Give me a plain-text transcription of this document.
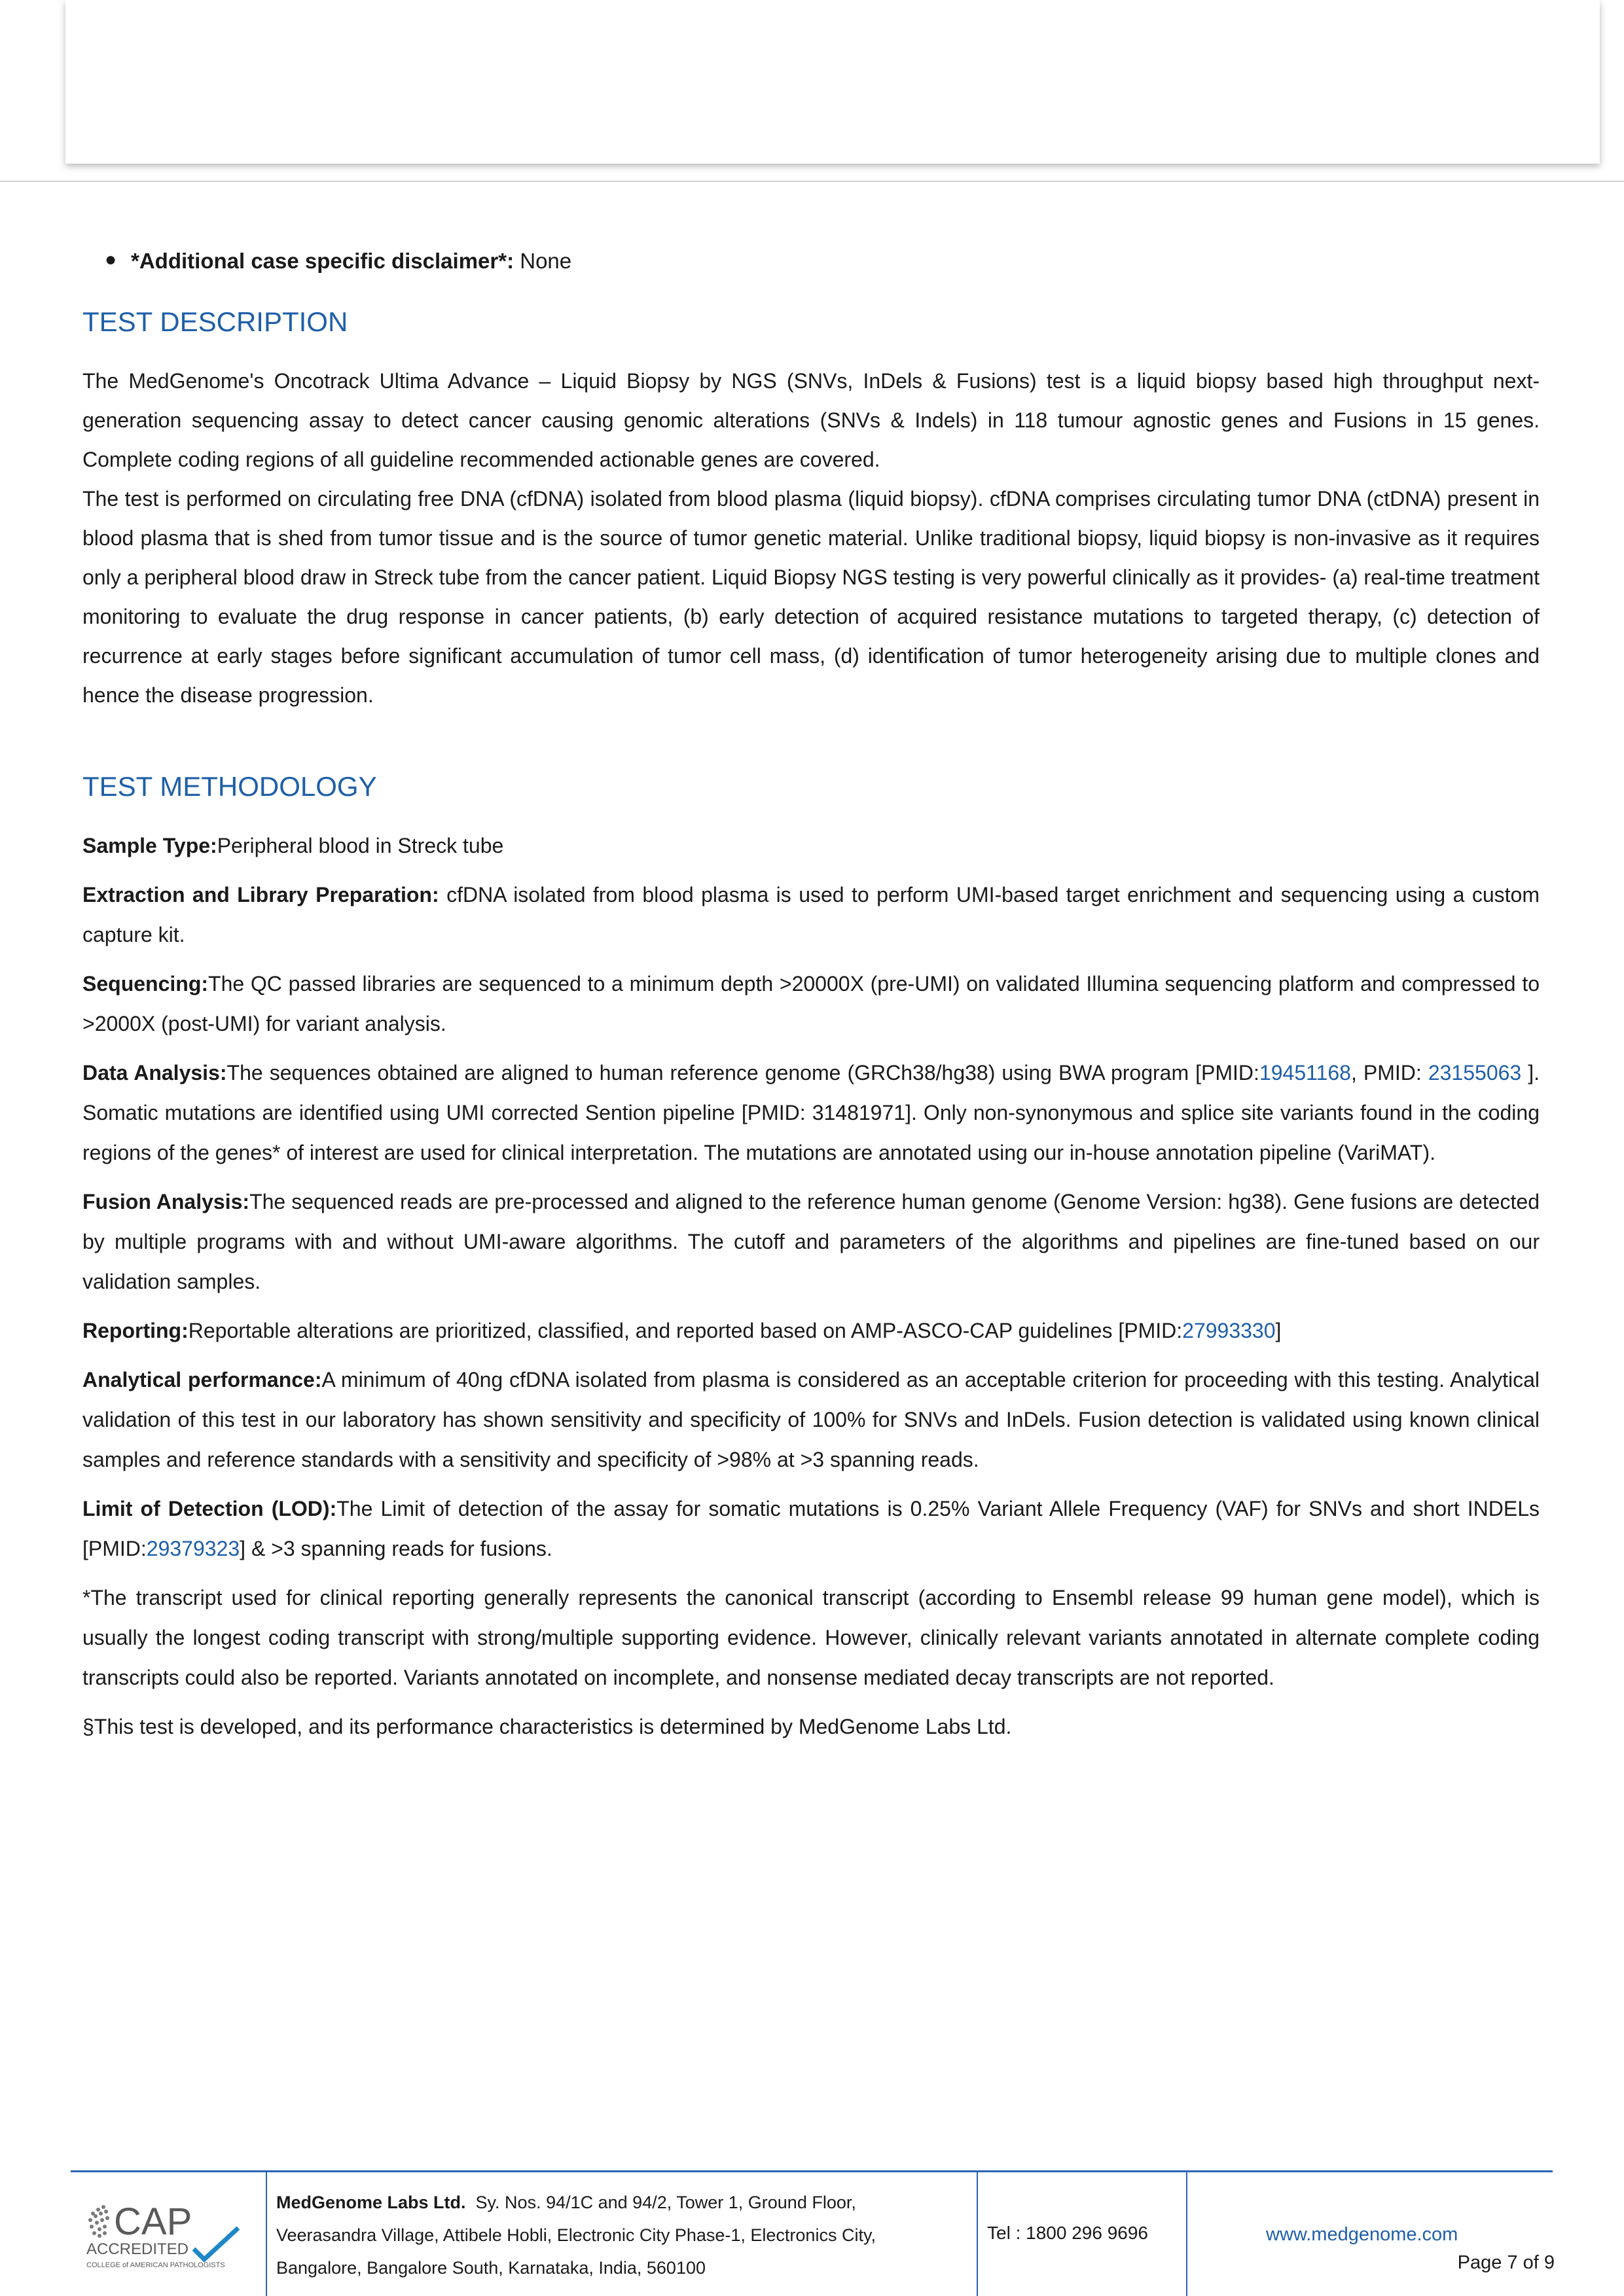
● *Additional case specific disclaimer*: None
TEST DESCRIPTION

The MedGenome's Oncotrack Ultima Advance – Liquid Biopsy by NGS (SNVs, InDels & Fusions) test is a liquid biopsy based high throughput next-generation sequencing assay to detect cancer causing genomic alterations (SNVs & Indels) in 118 tumour agnostic genes and Fusions in 15 genes. Complete coding regions of all guideline recommended actionable genes are covered.

The test is performed on circulating free DNA (cfDNA) isolated from blood plasma (liquid biopsy). cfDNA comprises circulating tumor DNA (ctDNA) present in blood plasma that is shed from tumor tissue and is the source of tumor genetic material. Unlike traditional biopsy, liquid biopsy is non-invasive as it requires only a peripheral blood draw in Streck tube from the cancer patient. Liquid Biopsy NGS testing is very powerful clinically as it provides- (a) real-time treatment monitoring to evaluate the drug response in cancer patients, (b) early detection of acquired resistance mutations to targeted therapy, (c) detection of recurrence at early stages before significant accumulation of tumor cell mass, (d) identification of tumor heterogeneity arising due to multiple clones and hence the disease progression.

TEST METHODOLOGY

Sample Type:Peripheral blood in Streck tube

Extraction and Library Preparation: cfDNA isolated from blood plasma is used to perform UMI-based target enrichment and sequencing using a custom capture kit.

Sequencing:The QC passed libraries are sequenced to a minimum depth >20000X (pre-UMI) on validated Illumina sequencing platform and compressed to >2000X (post-UMI) for variant analysis.

Data Analysis:The sequences obtained are aligned to human reference genome (GRCh38/hg38) using BWA program [PMID:19451168, PMID: 23155063 ]. Somatic mutations are identified using UMI corrected Sention pipeline [PMID: 31481971]. Only non-synonymous and splice site variants found in the coding regions of the genes* of interest are used for clinical interpretation. The mutations are annotated using our in-house annotation pipeline (VariMAT).

Fusion Analysis:The sequenced reads are pre-processed and aligned to the reference human genome (Genome Version: hg38). Gene fusions are detected by multiple programs with and without UMI-aware algorithms. The cutoff and parameters of the algorithms and pipelines are fine-tuned based on our validation samples.

Reporting:Reportable alterations are prioritized, classified, and reported based on AMP-ASCO-CAP guidelines [PMID:27993330]

Analytical performance:A minimum of 40ng cfDNA isolated from plasma is considered as an acceptable criterion for proceeding with this testing. Analytical validation of this test in our laboratory has shown sensitivity and specificity of 100% for SNVs and InDels. Fusion detection is validated using known clinical samples and reference standards with a sensitivity and specificity of >98% at >3 spanning reads.

Limit of Detection (LOD):The Limit of detection of the assay for somatic mutations is 0.25% Variant Allele Frequency (VAF) for SNVs and short INDELs [PMID:29379323] & >3 spanning reads for fusions.

*The transcript used for clinical reporting generally represents the canonical transcript (according to Ensembl release 99 human gene model), which is usually the longest coding transcript with strong/multiple supporting evidence. However, clinically relevant variants annotated in alternate complete coding transcripts could also be reported. Variants annotated on incomplete, and nonsense mediated decay transcripts are not reported.

§This test is developed, and its performance characteristics is determined by MedGenome Labs Ltd.

CAP
ACCREDITED
COLLEGE of AMERICAN PATHOLOGISTS
MedGenome Labs Ltd. Sy. Nos. 94/1C and 94/2, Tower 1, Ground Floor,
Veerasandra Village, Attibele Hobli, Electronic City Phase-1, Electronics City,
Bangalore, Bangalore South, Karnataka, India, 560100
Tel : 1800 296 9696	www.medgenome.com
Page 7 of 9
